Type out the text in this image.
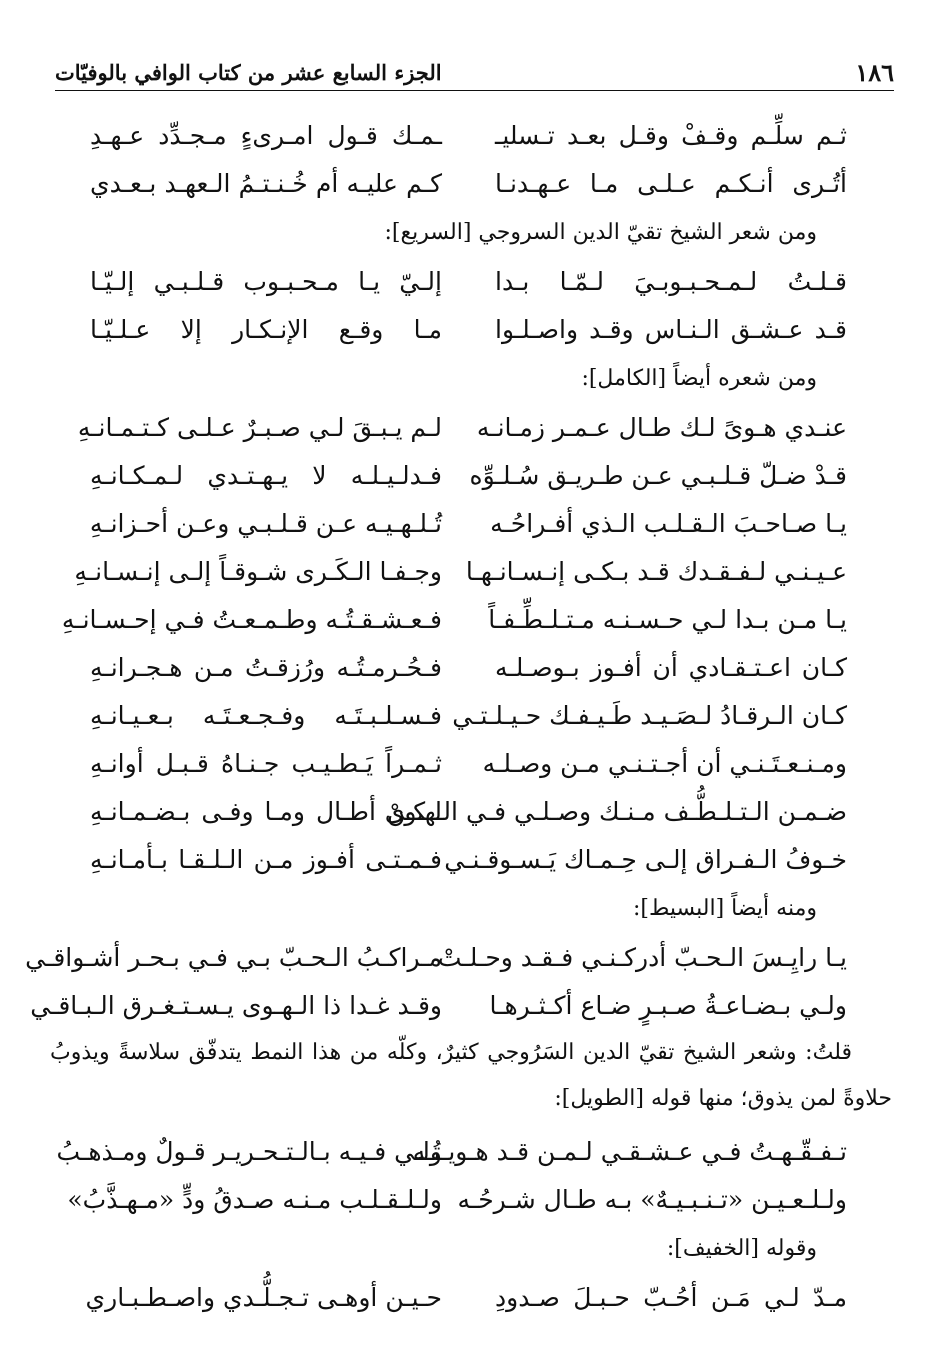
١٨٦
الجزء السابع عشر من كتاب الوافي بالوفيّات
ثـم سلِّـم وقـفْ وقـل بعـد تـسليـ
ـمـك قـول امـرىءٍ مـجـدِّد عـهـدِ
أتُـرى أنـكـم عـلـى مـا عـهـدنـا
كـم عليـه أم خُـنـتـمُ الـعهـد بـعـدي
ومن شعر الشيخ تقيّ الدين السروجي [السريع]:
قـلـتُ لـمـحـبـوبـيَ لـمّـا بـدا
إلـيّ يـا مـحـبـوب قـلـبـي إلـيّـا
قـد عـشـق الـنـاس وقـد واصـلـوا
مـا وقـع الإنـكـار إلا عـلـيّـا
ومن شعره أيضاً [الكامل]:
عنـدي هـوىً لـك طـال عـمـر زمـانـه
لـم يـبـقَ لـي صـبـرٌ عـلـى كـتـمـانـهِ
قـدْ ضـلّ قـلـبـي عـن طـريـق سُـلـوِّه
فـدلـيـلـه لا يـهـتـدي لـمـكـانـهِ
يـا صـاحـبَ الـقـلـب الـذي أفـراحُـه
تُـلـهـيـه عـن قـلـبـي وعـن أحـزانـهِ
عـيـنـي لـفـقـدك قـد بـكـى إنـسـانـهـا
وجـفـا الـكَـرى شـوقـاً إلـى إنـسـانـهِ
يـا مـن بـدا لـي حـسـنـه مـتـلـطِّـفـاً
فـعـشـقـتُـه وطـمـعـتُ فـي إحـسـانـهِ
كـان اعـتـقـادي أن أفـوز بـوصـلـه
فـحُـرمـتُـه ورُزقـتُ مـن هـجـرانـهِ
كـان الـرقـادُ لـصَـيـد طَـيـفـك حـيـلـتـي
فـسـلـبـتَـه وفـجـعـتَـه بـعـيـانـهِ
ومـنـعـتَـنـي أن أجـتـنـي مـن وصـلـه
ثـمـراً يَـطـيـب جـنـاهُ قـبـل أوانـهِ
ضـمـن الـتـلـطُّـف مـنـك وصـلـي فـي الـهـوى
لـكـنْ أطـال ومـا وفـى بـضـمـانـهِ
خـوفُ الـفـراق إلـى حِـمـاك يَـسـوقـنـي
فـمـتـى أفـوز مـن الـلـقـا بـأمـانـهِ
ومنه أيضاً [البسيط]:
يـا رايِـسَ الـحـبّ أدركـنـي فـقـد وحـلـتْ
مـراكـبُ الـحـبّ بـي فـي بـحـر أشـواقـي
ولـي بـضـاعـةُ صـبـرٍ ضـاع أكـثـرهـا
وقـد غـدا ذا الـهـوى يـسـتـغـرق الـبـاقـي
قلتُ: وشعر الشيخ تقيّ الدين السَرُوجي كثيرٌ، وكلّه من هذا النمط يتدفّق سلاسةً ويذوبُ حلاوةً لمن يذوق؛ منها قوله [الطويل]:
تـفـقّـهـتُ فـي عـشـقـي لـمـن قـد هـويـتُـه
ولـي فـيـه بـالـتـحـريـر قـولٌ ومـذهـبُ
ولـلـعـيـن «تـنـبـيـهٌ» بـه طـال شـرحُـه
ولـلـقـلـب مـنـه صـدقُ ودٍّ «مـهـذَّبُ»
وقوله [الخفيف]:
مـدّ لـي مَـن أحُـبّ حـبـلَ صـدودِ
حـيـن أوهـى تـجـلُّـدي واصـطـبـاري
